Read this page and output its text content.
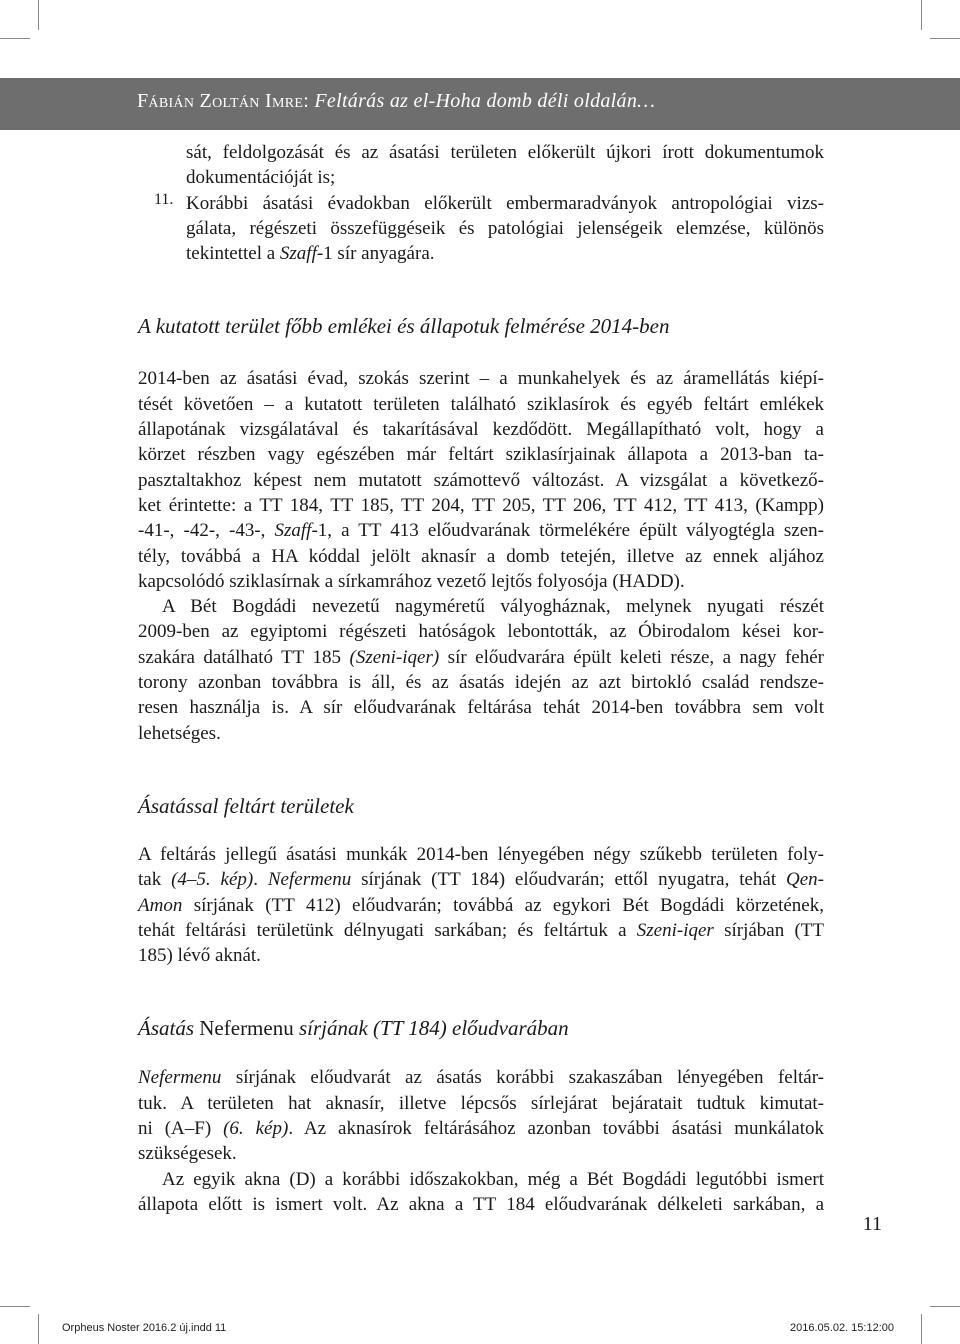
Fábián Zoltán Imre: Feltárás az el-Hoha domb déli oldalán…
sát, feldolgozását és az ásatási területen előkerült újkori írott dokumentumok
dokumentációját is;
11. Korábbi ásatási évadokban előkerült embermaradványok antropológiai vizs-
gálata, régészeti összefüggéseik és patológiai jelenségeik elemzése, különös
tekintettel a Szaff-1 sír anyagára.
A kutatott terület főbb emlékei és állapotuk felmérése 2014-ben
2014-ben az ásatási évad, szokás szerint – a munkahelyek és az áramellátás kiépí-
tését követően – a kutatott területen található sziklasírok és egyéb feltárt emlékek
állapotának vizsgálatával és takarításával kezdődött. Megállapítható volt, hogy a
körzet részben vagy egészében már feltárt sziklasírjainak állapota a 2013-ban ta-
pasztaltakhoz képest nem mutatott számottevő változást. A vizsgálat a következő-
ket érintette: a TT 184, TT 185, TT 204, TT 205, TT 206, TT 412, TT 413, (Kampp)
-41-, -42-, -43-, Szaff-1, a TT 413 előudvarának törmelékére épült vályogtégla szen-
tély, továbbá a HA kóddal jelölt aknasír a domb tetején, illetve az ennek aljához
kapcsolódó sziklasírnak a sírkamrához vezető lejtős folyosója (HADD).
A Bét Bogdádi nevezetű nagyméretű vályogháznak, melynek nyugati részét
2009-ben az egyiptomi régészeti hatóságok lebontották, az Óbirodalom kései kor-
szakára datálható TT 185 (Szeni-iqer) sír előudvarára épült keleti része, a nagy fehér
torony azonban továbbra is áll, és az ásatás idején az azt birtokló család rendsze-
resen használja is. A sír előudvarának feltárása tehát 2014-ben továbbra sem volt
lehetséges.
Ásatással feltárt területek
A feltárás jellegű ásatási munkák 2014-ben lényegében négy szűkebb területen foly-
tak (4–5. kép). Nefermenu sírjának (TT 184) előudvarán; ettől nyugatra, tehát Qen-
Amon sírjának (TT 412) előudvarán; továbbá az egykori Bét Bogdádi körzetének,
tehát feltárási területünk délnyugati sarkában; és feltártuk a Szeni-iqer sírjában (TT
185) lévő aknát.
Ásatás Nefermenu sírjának (TT 184) előudvarában
Nefermenu sírjának előudvarát az ásatás korábbi szakaszában lényegében feltár-
tuk. A területen hat aknasír, illetve lépcsős sírlejárat bejáratait tudtuk kimutat-
ni (A–F) (6. kép). Az aknasírok feltárásához azonban további ásatási munkálatok
szükségesek.
Az egyik akna (D) a korábbi időszakokban, még a Bét Bogdádi legutóbbi ismert
állapota előtt is ismert volt. Az akna a TT 184 előudvarának délkeleti sarkában, a
11
Orpheus Noster 2016.2 új.indd 11	2016.05.02. 15:12:00
